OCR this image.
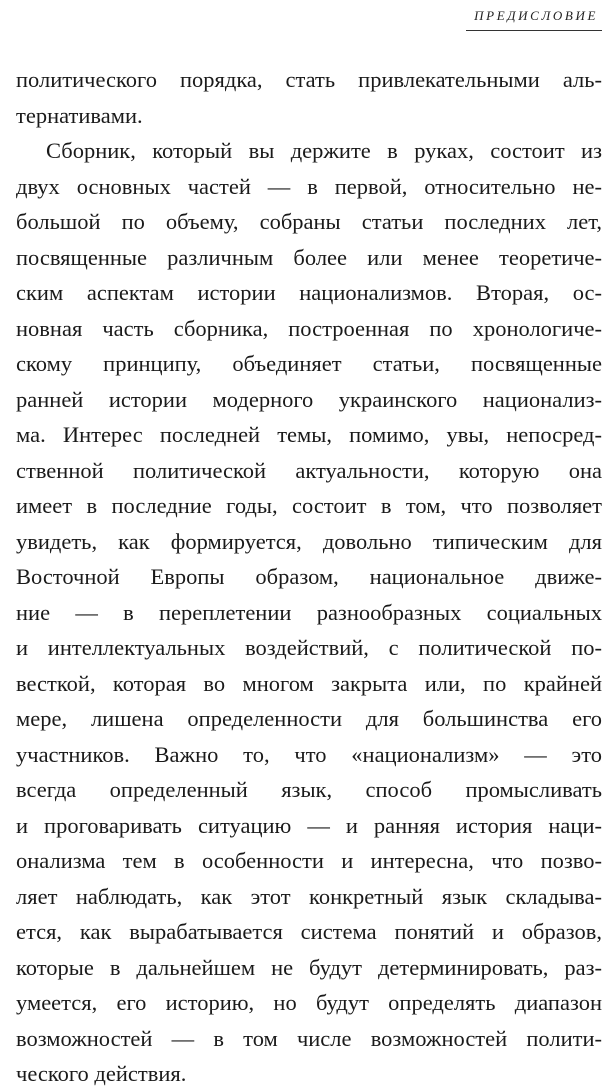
ПРЕДИСЛОВИЕ
политического порядка, стать привлекательными аль-
тернативами.
Сборник, который вы держите в руках, состоит из
двух основных частей — в первой, относительно не-
большой по объему, собраны статьи последних лет,
посвященные различным более или менее теоретиче-
ским аспектам истории национализмов. Вторая, ос-
новная часть сборника, построенная по хронологиче-
скому принципу, объединяет статьи, посвященные
ранней истории модерного украинского национализ-
ма. Интерес последней темы, помимо, увы, непосред-
ственной политической актуальности, которую она
имеет в последние годы, состоит в том, что позволяет
увидеть, как формируется, довольно типическим для
Восточной Европы образом, национальное движе-
ние — в переплетении разнообразных социальных
и интеллектуальных воздействий, с политической по-
весткой, которая во многом закрыта или, по крайней
мере, лишена определенности для большинства его
участников. Важно то, что «национализм» — это
всегда определенный язык, способ промысливать
и проговаривать ситуацию — и ранняя история наци-
онализма тем в особенности и интересна, что позво-
ляет наблюдать, как этот конкретный язык складыва-
ется, как вырабатывается система понятий и образов,
которые в дальнейшем не будут детерминировать, раз-
умеется, его историю, но будут определять диапазон
возможностей — в том числе возможностей полити-
ческого действия.
